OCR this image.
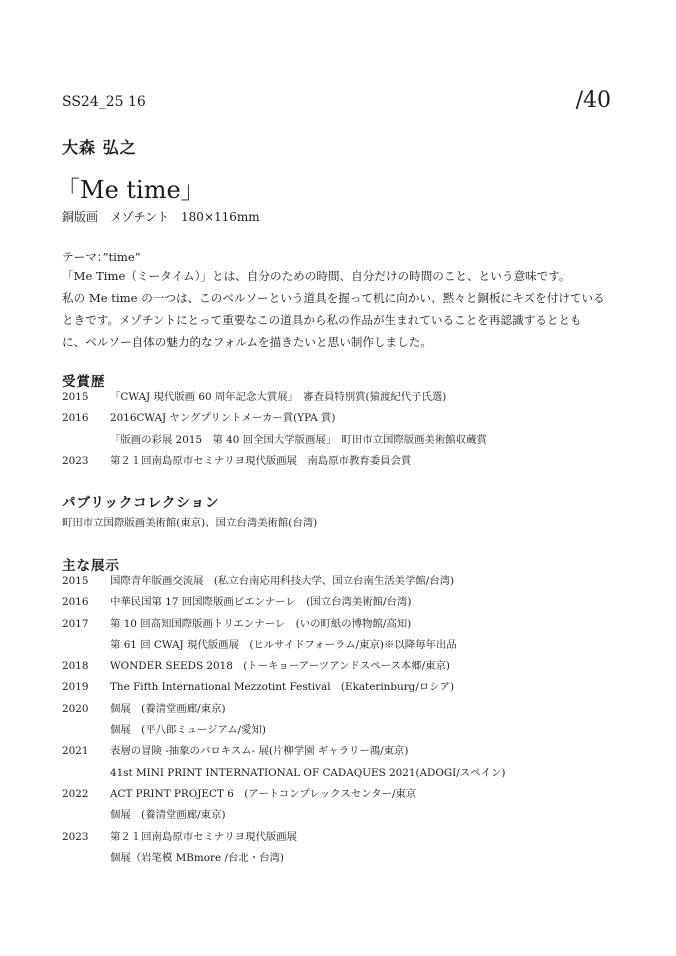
SS24_25 16	/40
大森 弘之
「Me time」
銅版画　メゾチント　180×116mm
テーマ：”time”
「Me Time（ミータイム）」とは、自分のための時間、自分だけの時間のこと、という意味です。
私の Me time の一つは、このベルソーという道具を握って机に向かい、黙々と銅板にキズを付けている
ときです。メゾチントにとって重要なこの道具から私の作品が生まれていることを再認識するととも
に、ベルソー自体の魅力的なフォルムを描きたいと思い制作しました。
受賞歴
2015 「CWAJ 現代版画 60 周年記念大賞展」　審査員特別賞(猿渡紀代子氏選)
2016 2016CWAJ ヤングプリントメーカー賞(YPA 賞)
「版画の彩展 2015　第 40 回全国大学版画展」　町田市立国際版画美術館収蔵賞
2023 第２１回南島原市セミナリヨ現代版画展　南島原市教育委員会賞
パブリックコレクション
町田市立国際版画美術館(東京)、国立台湾美術館(台湾)
主な展示
2015 国際青年版画交流展　(私立台南応用科技大学、国立台南生活美学館/台湾)
2016 中華民国第 17 回国際版画ビエンナーレ　(国立台湾美術館/台湾)
2017 第 10 回高知国際版画トリエンナーレ　(いの町紙の博物館/高知)
第 61 回 CWAJ 現代版画展　(ヒルサイドフォーラム/東京)※以降毎年出品
2018 WONDER SEEDS 2018　(トーキョーアーツアンドスペース本郷/東京)
2019 The Fifth International Mezzotint Festival　(Ekaterinburg/ロシア)
2020 個展　(養清堂画廊/東京)
個展　(平八郎ミュージアム/愛知)
2021 表層の冒険 -抽象のバロキスム- 展(片柳学園 ギャラリー鴻/東京)
41st MINI PRINT INTERNATIONAL OF CADAQUES 2021(ADOGI/スペイン)
2022 ACT PRINT PROJECT 6　(アートコンプレックスセンター/東京
個展　(養清堂画廊/東京)
2023 第２１回南島原市セミナリヨ現代版画展
個展（岩笔模 MBmore /台北・台湾)
